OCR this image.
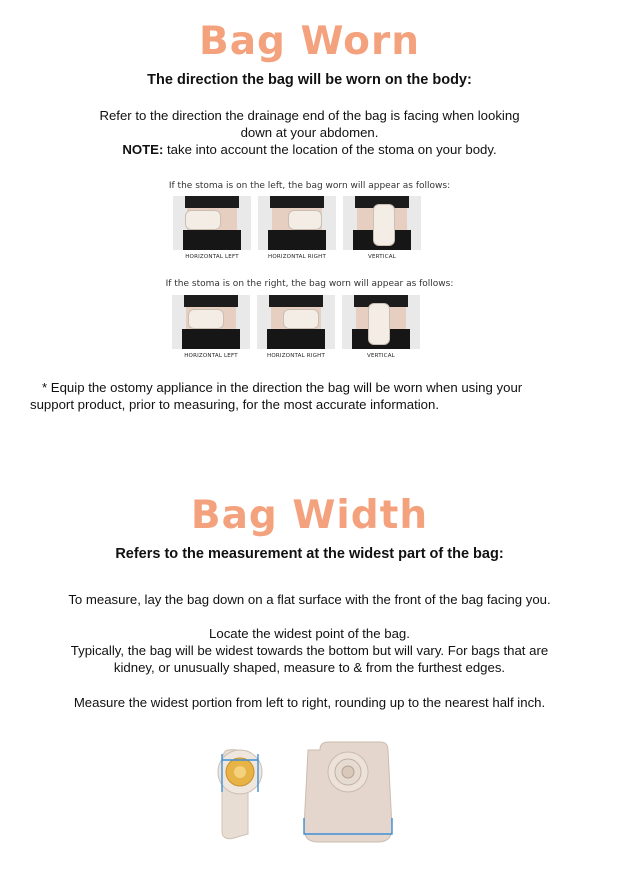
Bag Worn
The direction the bag will be worn on the body:
Refer to the direction the drainage end of the bag is facing when looking
down at your abdomen.
NOTE: take into account the location of the stoma on your body.
If the stoma is on the left, the bag worn will appear as follows:
HORIZONTAL LEFT	HORIZONTAL RIGHT	VERTICAL
If the stoma is on the right, the bag worn will appear as follows:
HORIZONTAL LEFT	HORIZONTAL RIGHT	VERTICAL
* Equip the ostomy appliance in the direction the bag will be worn when using your
support product, prior to measuring, for the most accurate information.
Bag Width
Refers to the measurement at the widest part of the bag:
To measure, lay the bag down on a flat surface with the front of the bag facing you.
Locate the widest point of the bag.
Typically, the bag will be widest towards the bottom but will vary. For bags that are
kidney, or unusually shaped, measure to & from the furthest edges.
Measure the widest portion from left to right, rounding up to the nearest half inch.
